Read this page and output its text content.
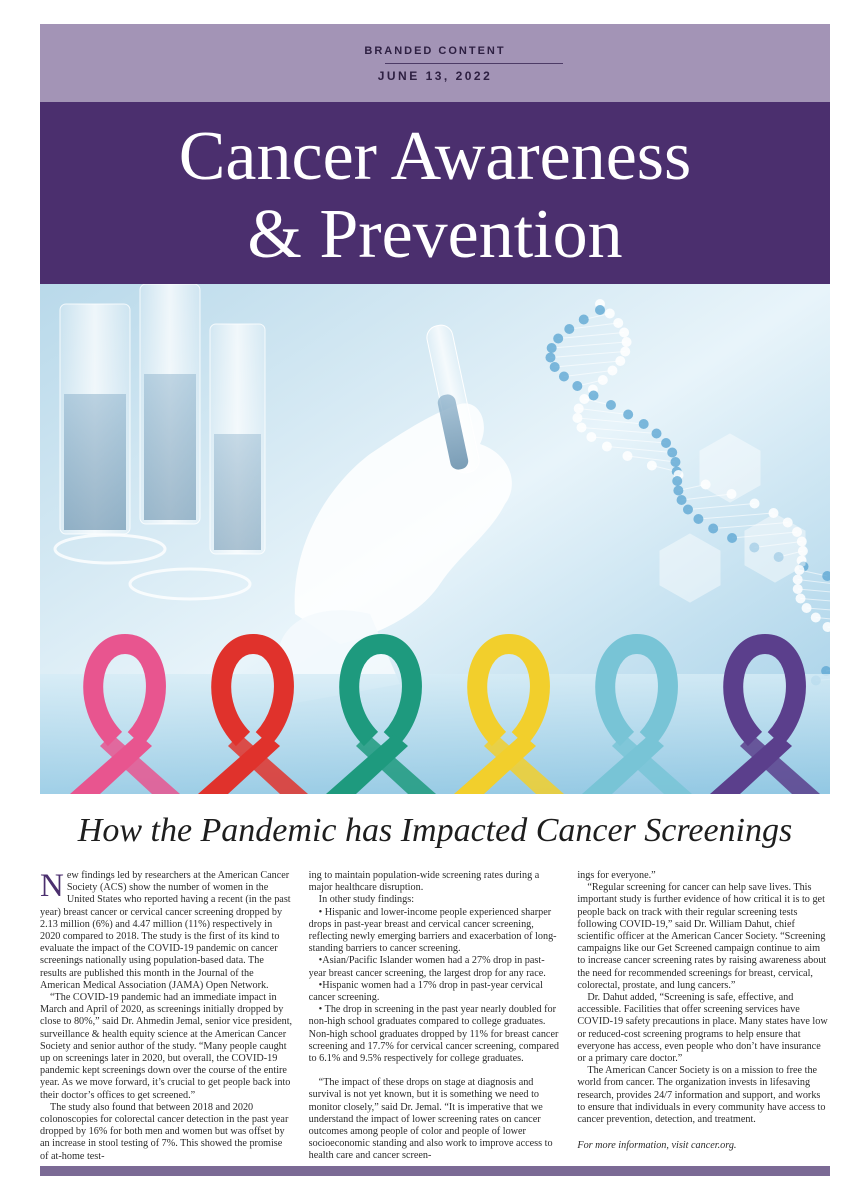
BRANDED CONTENT
JUNE 13, 2022
Cancer Awareness
& Prevention
How the Pandemic has Impacted Cancer Screenings

New findings led by researchers at the American Cancer Society (ACS) show the number of women in the United States who reported having a recent (in the past year) breast cancer or cervical cancer screening dropped by 2.13 million (6%) and 4.47 million (11%) respectively in 2020 compared to 2018. The study is the first of its kind to evaluate the impact of the COVID-19 pandemic on cancer screenings nationally using population-based data. The results are published this month in the Journal of the American Medical Association (JAMA) Open Network.

“The COVID-19 pandemic had an immediate impact in March and April of 2020, as screenings initially dropped by close to 80%,” said Dr. Ahmedin Jemal, senior vice president, surveillance & health equity science at the American Cancer Society and senior author of the study. “Many people caught up on screenings later in 2020, but overall, the COVID-19 pandemic kept screenings down over the course of the entire year. As we move forward, it’s crucial to get people back into their doctor’s offices to get screened.”

The study also found that between 2018 and 2020 colonoscopies for colorectal cancer detection in the past year dropped by 16% for both men and women but was offset by an increase in stool testing of 7%. This showed the promise of at-home test-

ing to maintain population-wide screening rates during a major healthcare disruption.

In other study findings:

• Hispanic and lower-income people experienced sharper drops in past-year breast and cervical cancer screening, reflecting newly emerging barriers and exacerbation of long-standing barriers to cancer screening.

•Asian/Pacific Islander women had a 27% drop in past-year breast cancer screening, the largest drop for any race.

•Hispanic women had a 17% drop in past-year cervical cancer screening.

• The drop in screening in the past year nearly doubled for non-high school graduates compared to college graduates. Non-high school graduates dropped by 11% for breast cancer screening and 17.7% for cervical cancer screening, compared to 6.1% and 9.5% respectively for college graduates.

“The impact of these drops on stage at diagnosis and survival is not yet known, but it is something we need to monitor closely,” said Dr. Jemal. “It is imperative that we understand the impact of lower screening rates on cancer outcomes among people of color and people of lower socioeconomic standing and also work to improve access to health care and cancer screen-

ings for everyone.”

“Regular screening for cancer can help save lives. This important study is further evidence of how critical it is to get people back on track with their regular screening tests following COVID-19,” said Dr. William Dahut, chief scientific officer at the American Cancer Society. “Screening campaigns like our Get Screened campaign continue to aim to increase cancer screening rates by raising awareness about the need for recommended screenings for breast, cervical, colorectal, prostate, and lung cancers.”

Dr. Dahut added, “Screening is safe, effective, and accessible. Facilities that offer screening services have COVID-19 safety precautions in place. Many states have low or reduced-cost screening programs to help ensure that everyone has access, even people who don’t have insurance or a primary care doctor.”

The American Cancer Society is on a mission to free the world from cancer. The organization invests in lifesaving research, provides 24/7 information and support, and works to ensure that individuals in every community have access to cancer prevention, detection, and treatment.

For more information, visit cancer.org.
